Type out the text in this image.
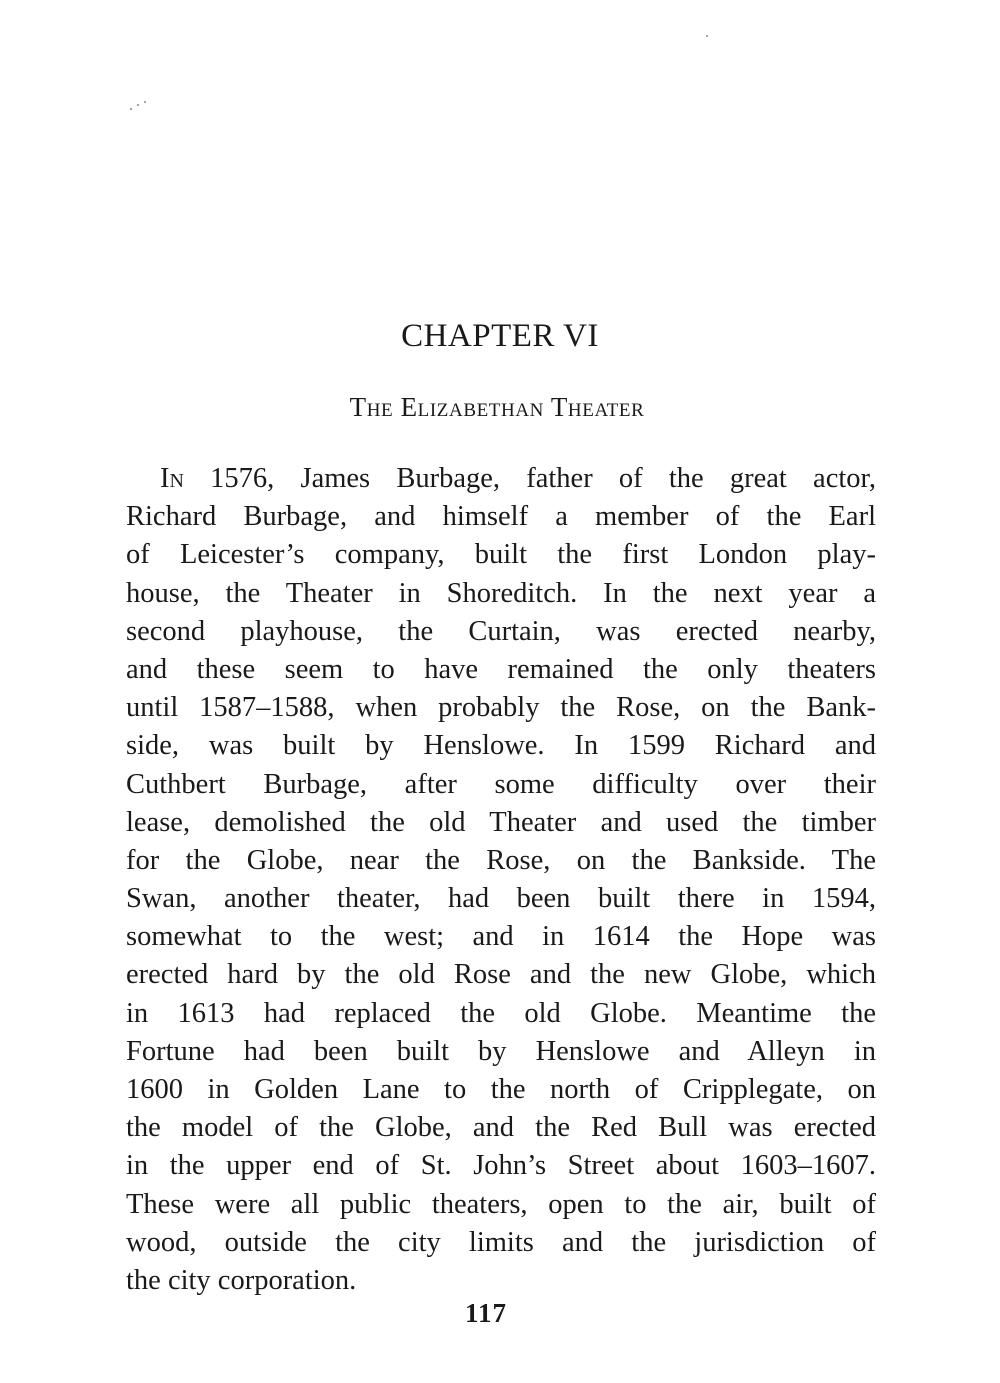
CHAPTER VI
The Elizabethan Theater
In 1576, James Burbage, father of the great actor,
Richard Burbage, and himself a member of the Earl
of Leicester’s company, built the first London play-
house, the Theater in Shoreditch. In the next year a
second playhouse, the Curtain, was erected nearby,
and these seem to have remained the only theaters
until 1587–1588, when probably the Rose, on the Bank-
side, was built by Henslowe. In 1599 Richard and
Cuthbert Burbage, after some difficulty over their
lease, demolished the old Theater and used the timber
for the Globe, near the Rose, on the Bankside. The
Swan, another theater, had been built there in 1594,
somewhat to the west; and in 1614 the Hope was
erected hard by the old Rose and the new Globe, which
in 1613 had replaced the old Globe. Meantime the
Fortune had been built by Henslowe and Alleyn in
1600 in Golden Lane to the north of Cripplegate, on
the model of the Globe, and the Red Bull was erected
in the upper end of St. John’s Street about 1603–1607.
These were all public theaters, open to the air, built of
wood, outside the city limits and the jurisdiction of
the city corporation.
117
